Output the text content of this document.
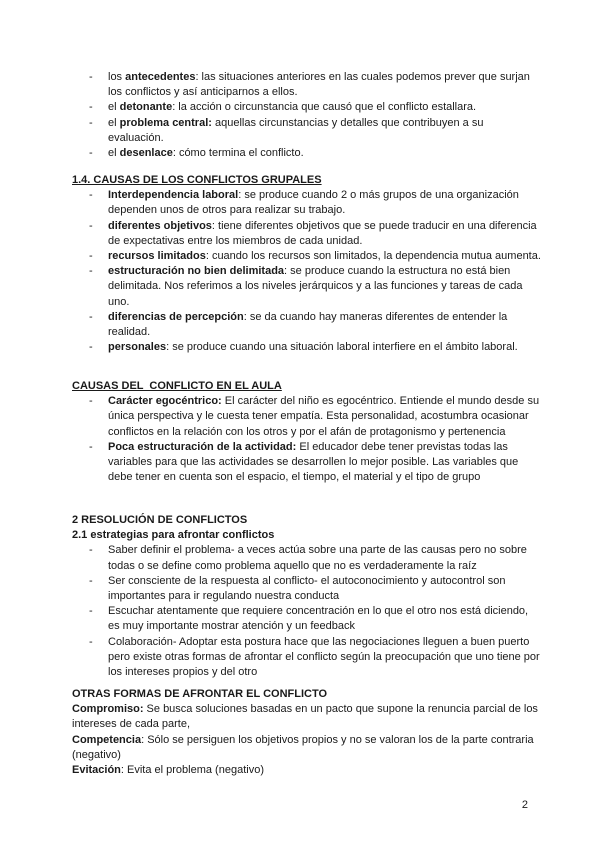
- los antecedentes: las situaciones anteriores en las cuales podemos prever que surjan los conflictos y así anticiparnos a ellos.
- el detonante: la acción o circunstancia que causó que el conflicto estallara.
- el problema central: aquellas circunstancias y detalles que contribuyen a su evaluación.
- el desenlace: cómo termina el conflicto.

1.4. CAUSAS DE LOS CONFLICTOS GRUPALES

- Interdependencia laboral: se produce cuando 2 o más grupos de una organización dependen unos de otros para realizar su trabajo.
- diferentes objetivos: tiene diferentes objetivos que se puede traducir en una diferencia de expectativas entre los miembros de cada unidad.
- recursos limitados: cuando los recursos son limitados, la dependencia mutua aumenta.
- estructuración no bien delimitada: se produce cuando la estructura no está bien delimitada. Nos referimos a los niveles jerárquicos y a las funciones y tareas de cada uno.
- diferencias de percepción: se da cuando hay maneras diferentes de entender la realidad.
- personales: se produce cuando una situación laboral interfiere en el ámbito laboral.

CAUSAS DEL  CONFLICTO EN EL AULA

- Carácter egocéntrico: El carácter del niño es egocéntrico. Entiende el mundo desde su única perspectiva y le cuesta tener empatía. Esta personalidad, acostumbra ocasionar conflictos en la relación con los otros y por el afán de protagonismo y pertenencia
- Poca estructuración de la actividad: El educador debe tener previstas todas las variables para que las actividades se desarrollen lo mejor posible. Las variables que debe tener en cuenta son el espacio, el tiempo, el material y el tipo de grupo

2 RESOLUCIÓN DE CONFLICTOS

2.1 estrategias para afrontar conflictos

- Saber definir el problema- a veces actúa sobre una parte de las causas pero no sobre todas o se define como problema aquello que no es verdaderamente la raíz
- Ser consciente de la respuesta al conflicto- el autoconocimiento y autocontrol son importantes para ir regulando nuestra conducta
- Escuchar atentamente que requiere concentración en lo que el otro nos está diciendo, es muy importante mostrar atención y un feedback
- Colaboración- Adoptar esta postura hace que las negociaciones lleguen a buen puerto pero existe otras formas de afrontar el conflicto según la preocupación que uno tiene por los intereses propios y del otro

OTRAS FORMAS DE AFRONTAR EL CONFLICTO

Compromiso: Se busca soluciones basadas en un pacto que supone la renuncia parcial de los intereses de cada parte,

Competencia: Sólo se persiguen los objetivos propios y no se valoran los de la parte contraria (negativo)

Evitación: Evita el problema (negativo)

2
